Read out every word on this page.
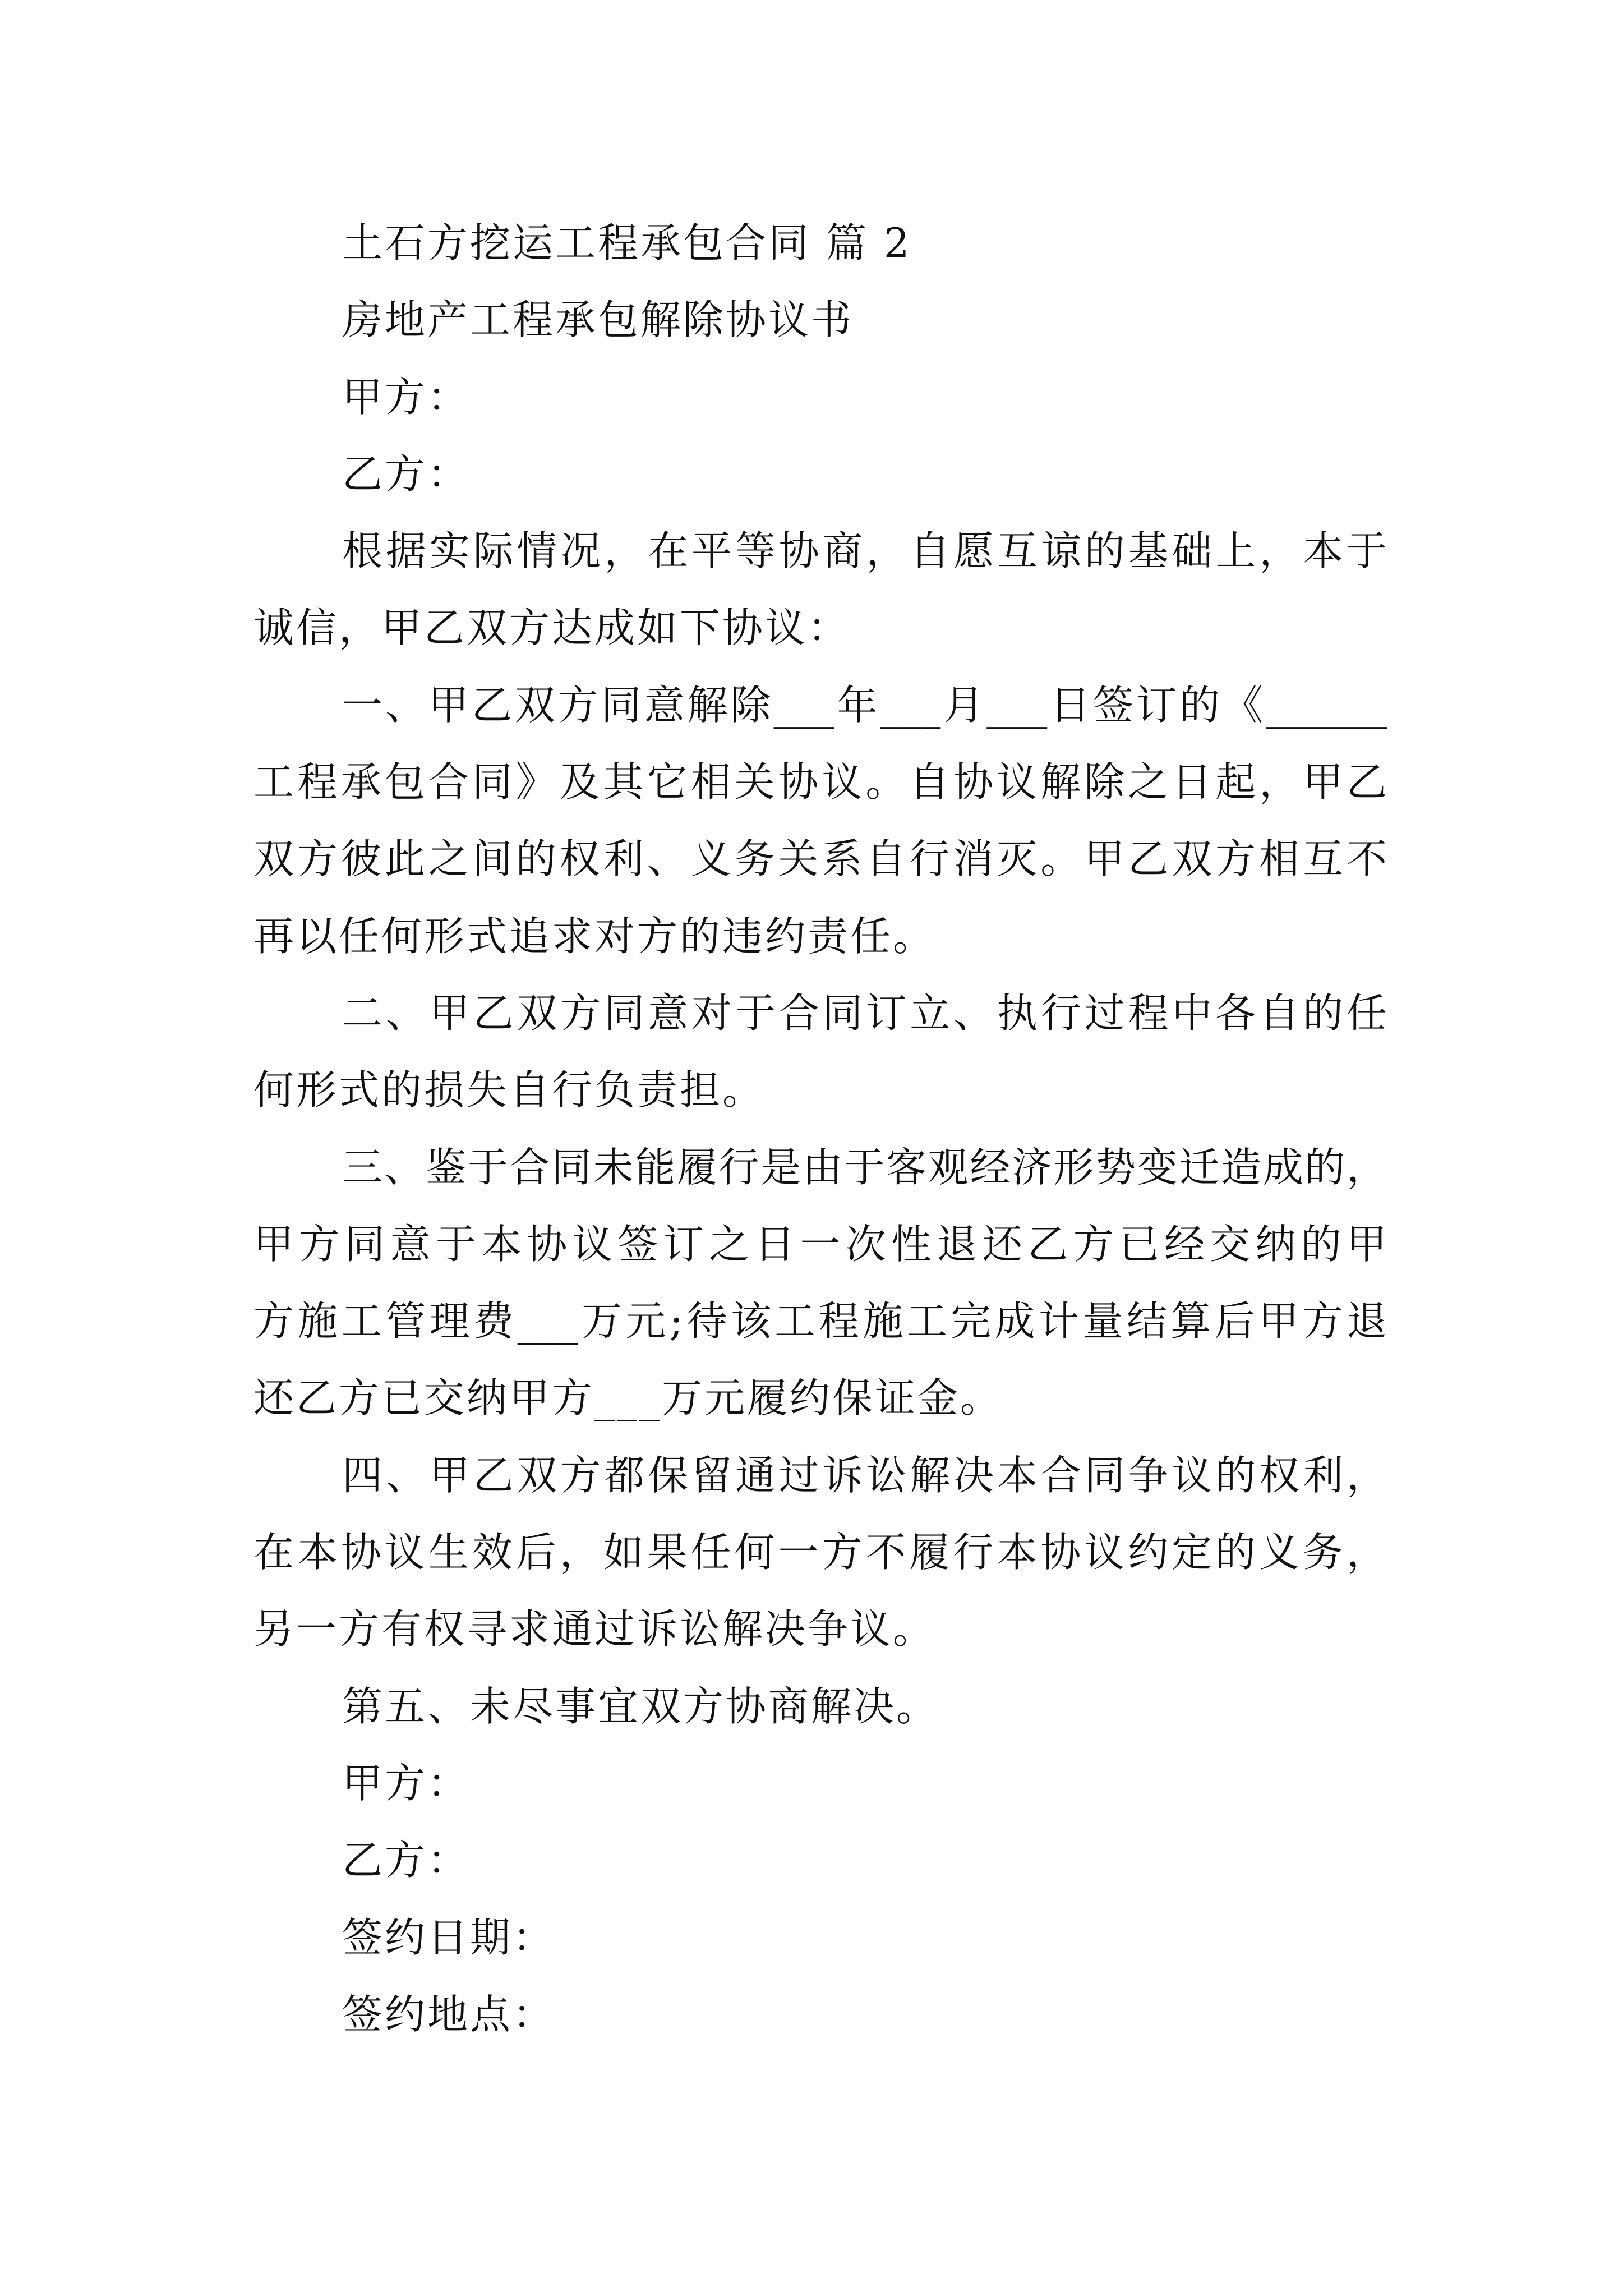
土石方挖运工程承包合同 篇 2
房地产工程承包解除协议书
甲方：
乙方：
根据实际情况，在平等协商，自愿互谅的基础上，本于
诚信，甲乙双方达成如下协议：
一、甲乙双方同意解除___年___月___日签订的《______
工程承包合同》及其它相关协议。自协议解除之日起，甲乙
双方彼此之间的权利、义务关系自行消灭。甲乙双方相互不
再以任何形式追求对方的违约责任。
二、甲乙双方同意对于合同订立、执行过程中各自的任
何形式的损失自行负责担。
三、鉴于合同未能履行是由于客观经济形势变迁造成的，
甲方同意于本协议签订之日一次性退还乙方已经交纳的甲
方施工管理费___万元;待该工程施工完成计量结算后甲方退
还乙方已交纳甲方___万元履约保证金。
四、甲乙双方都保留通过诉讼解决本合同争议的权利，
在本协议生效后，如果任何一方不履行本协议约定的义务，
另一方有权寻求通过诉讼解决争议。
第五、未尽事宜双方协商解决。
甲方：
乙方：
签约日期：
签约地点：
